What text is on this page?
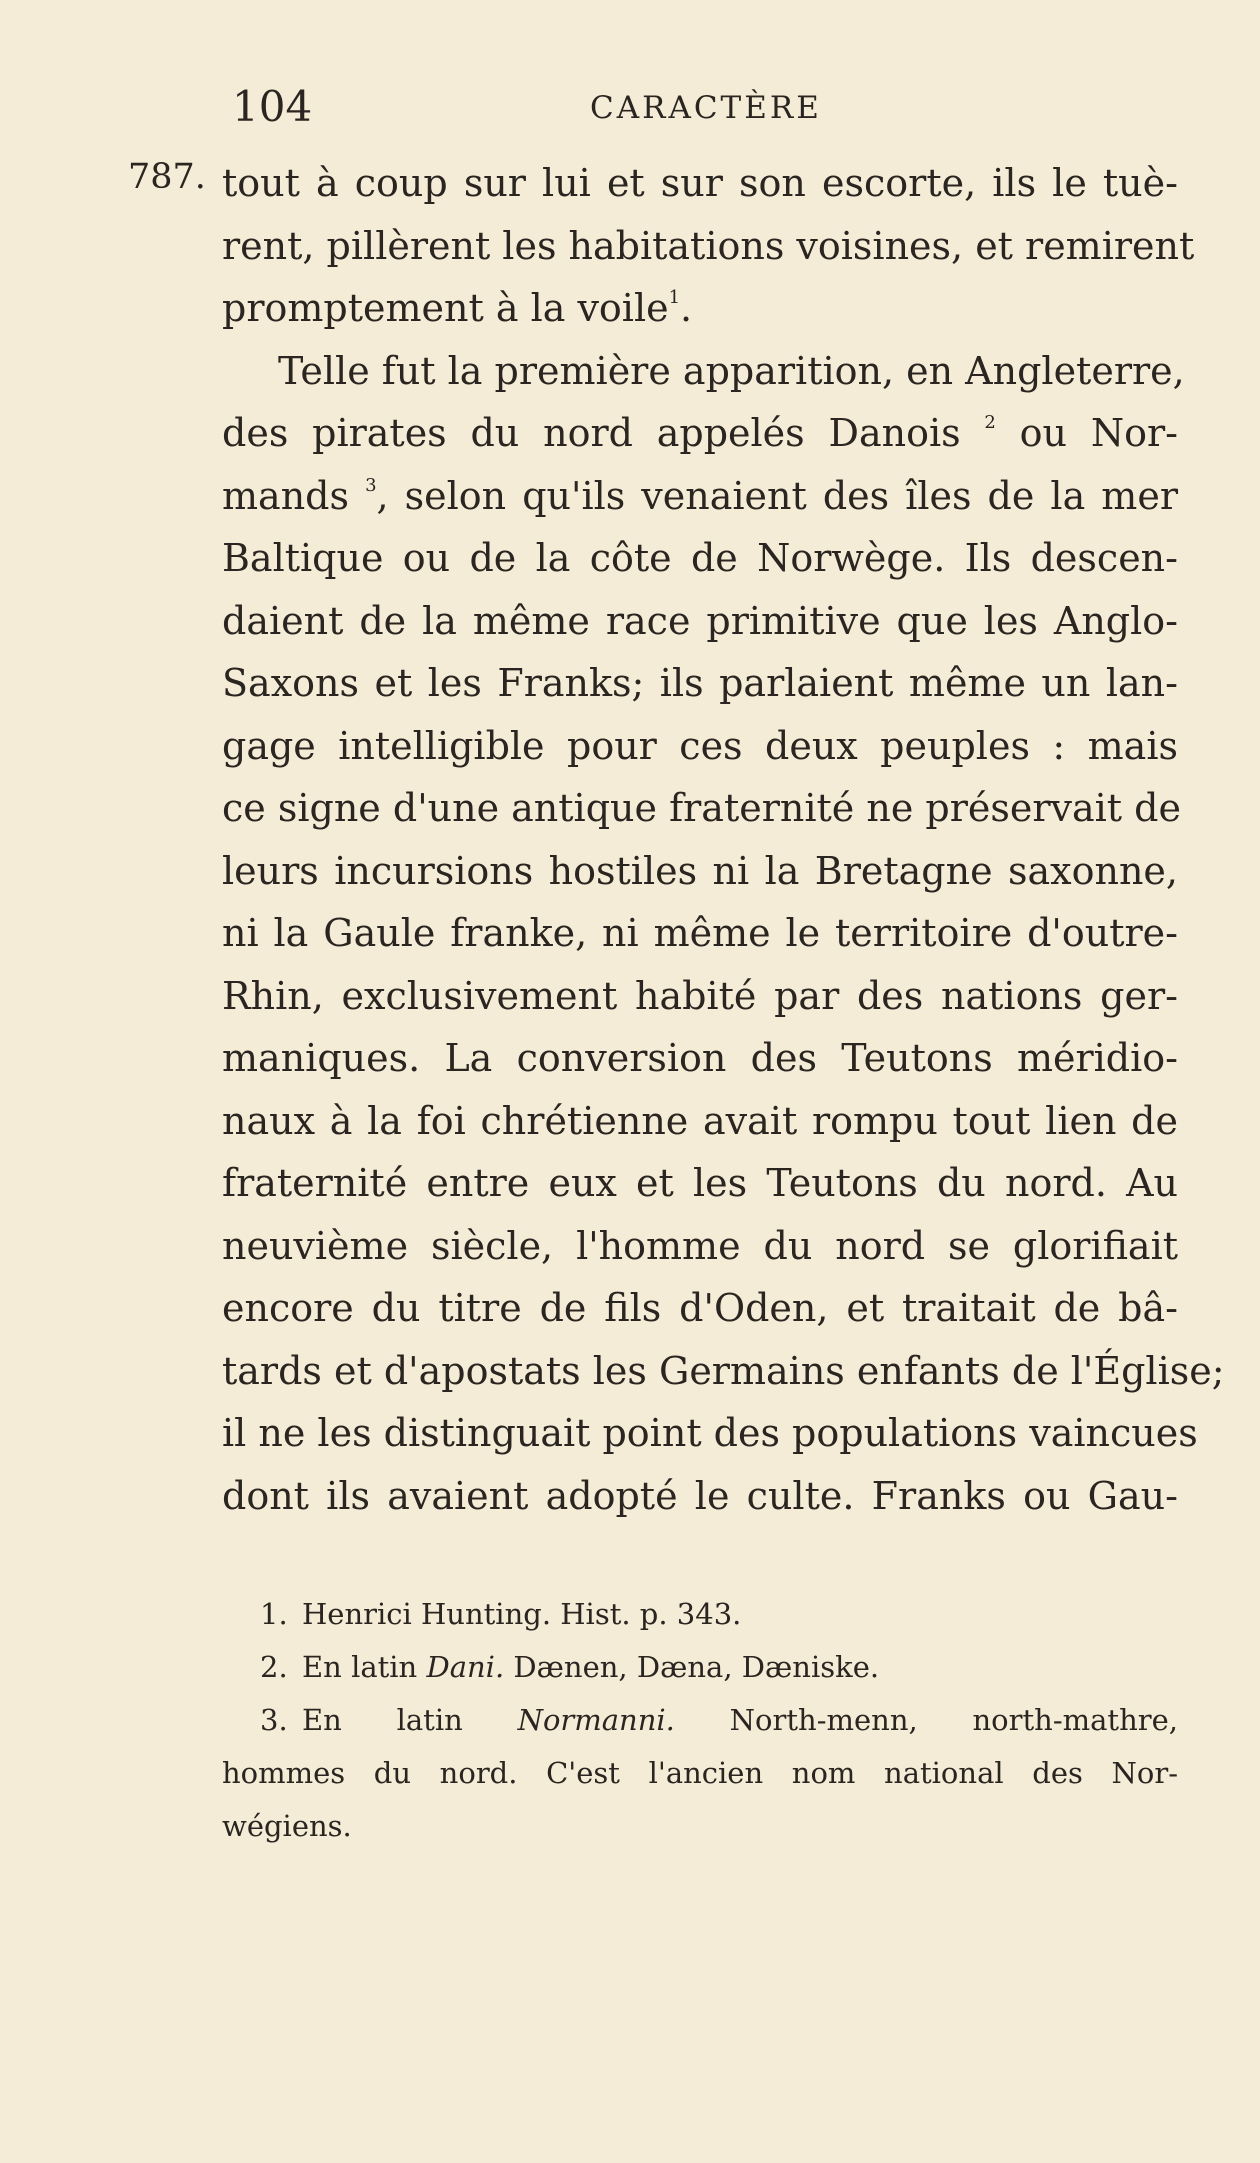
104	CARACTÈRE
787. tout à coup sur lui et sur son escorte, ils le tuè-
rent, pillèrent les habitations voisines, et remirent
promptement à la voile$^1$.
Telle fut la première apparition, en Angleterre,
des pirates du nord appelés Danois $^2$ ou Nor-
mands $^3$, selon qu'ils venaient des îles de la mer
Baltique ou de la côte de Norwège. Ils descen-
daient de la même race primitive que les Anglo-
Saxons et les Franks; ils parlaient même un lan-
gage intelligible pour ces deux peuples : mais
ce signe d'une antique fraternité ne préservait de
leurs incursions hostiles ni la Bretagne saxonne,
ni la Gaule franke, ni même le territoire d'outre-
Rhin, exclusivement habité par des nations ger-
maniques. La conversion des Teutons méridio-
naux à la foi chrétienne avait rompu tout lien de
fraternité entre eux et les Teutons du nord. Au
neuvième siècle, l'homme du nord se glorifiait
encore du titre de fils d'Oden, et traitait de bâ-
tards et d'apostats les Germains enfants de l'Église;
il ne les distinguait point des populations vaincues
dont ils avaient adopté le culte. Franks ou Gau-
1. Henrici Hunting. Hist. p. 343.
2. En latin Dani. Dænen, Dæna, Dæniske.
3. En latin Normanni. North-menn, north-mathre,
hommes du nord. C'est l'ancien nom national des Nor-
wégiens.
